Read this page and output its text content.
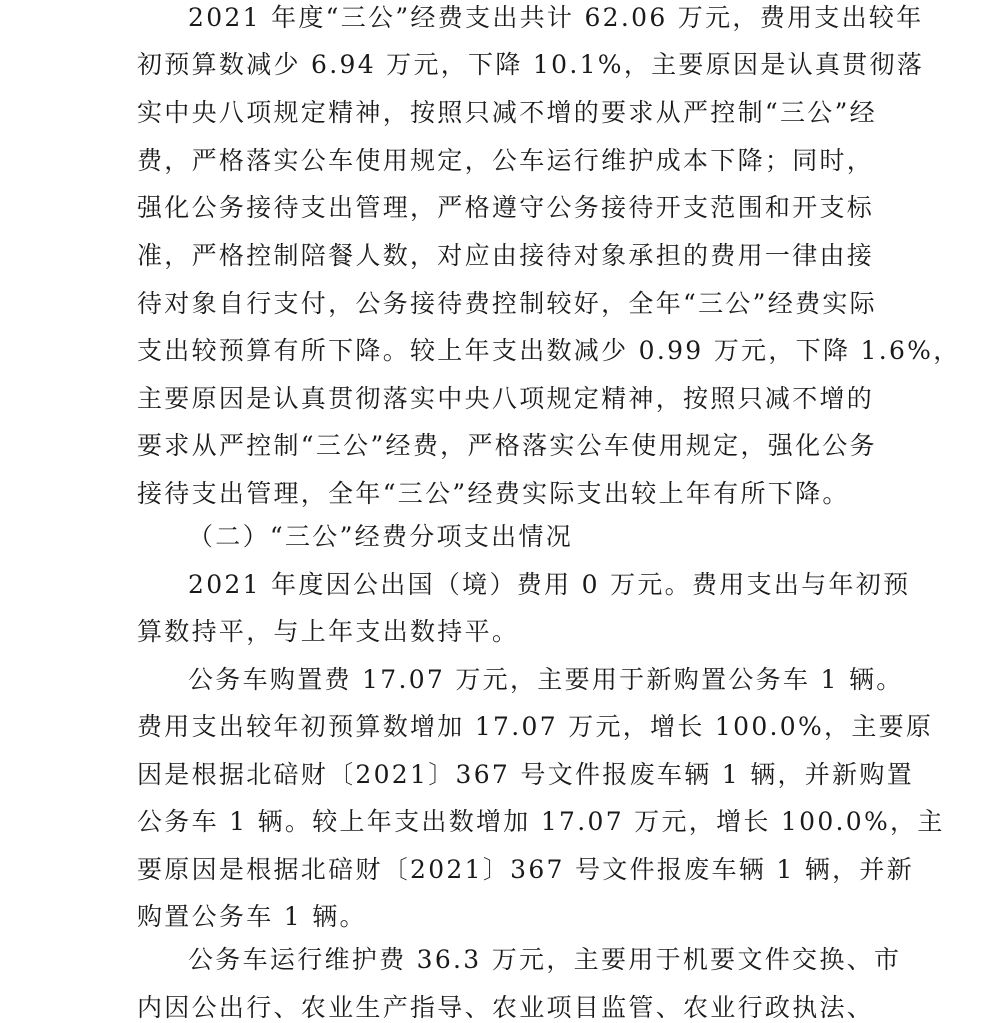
2021 年度“三公”经费支出共计 62.06 万元，费用支出较年
初预算数减少 6.94 万元，下降 10.1%，主要原因是认真贯彻落
实中央八项规定精神，按照只减不增的要求从严控制“三公”经
费，严格落实公车使用规定，公车运行维护成本下降；同时，
强化公务接待支出管理，严格遵守公务接待开支范围和开支标
准，严格控制陪餐人数，对应由接待对象承担的费用一律由接
待对象自行支付，公务接待费控制较好，全年“三公”经费实际
支出较预算有所下降。较上年支出数减少 0.99 万元，下降 1.6%，
主要原因是认真贯彻落实中央八项规定精神，按照只减不增的
要求从严控制“三公”经费，严格落实公车使用规定，强化公务
接待支出管理，全年“三公”经费实际支出较上年有所下降。
（二）“三公”经费分项支出情况
2021 年度因公出国（境）费用 0 万元。费用支出与年初预
算数持平，与上年支出数持平。
公务车购置费 17.07 万元，主要用于新购置公务车 1 辆。
费用支出较年初预算数增加 17.07 万元，增长 100.0%，主要原
因是根据北碚财〔2021〕367 号文件报废车辆 1 辆，并新购置
公务车 1 辆。较上年支出数增加 17.07 万元，增长 100.0%，主
要原因是根据北碚财〔2021〕367 号文件报废车辆 1 辆，并新
购置公务车 1 辆。
公务车运行维护费 36.3 万元，主要用于机要文件交换、市
内因公出行、农业生产指导、农业项目监管、农业行政执法、
